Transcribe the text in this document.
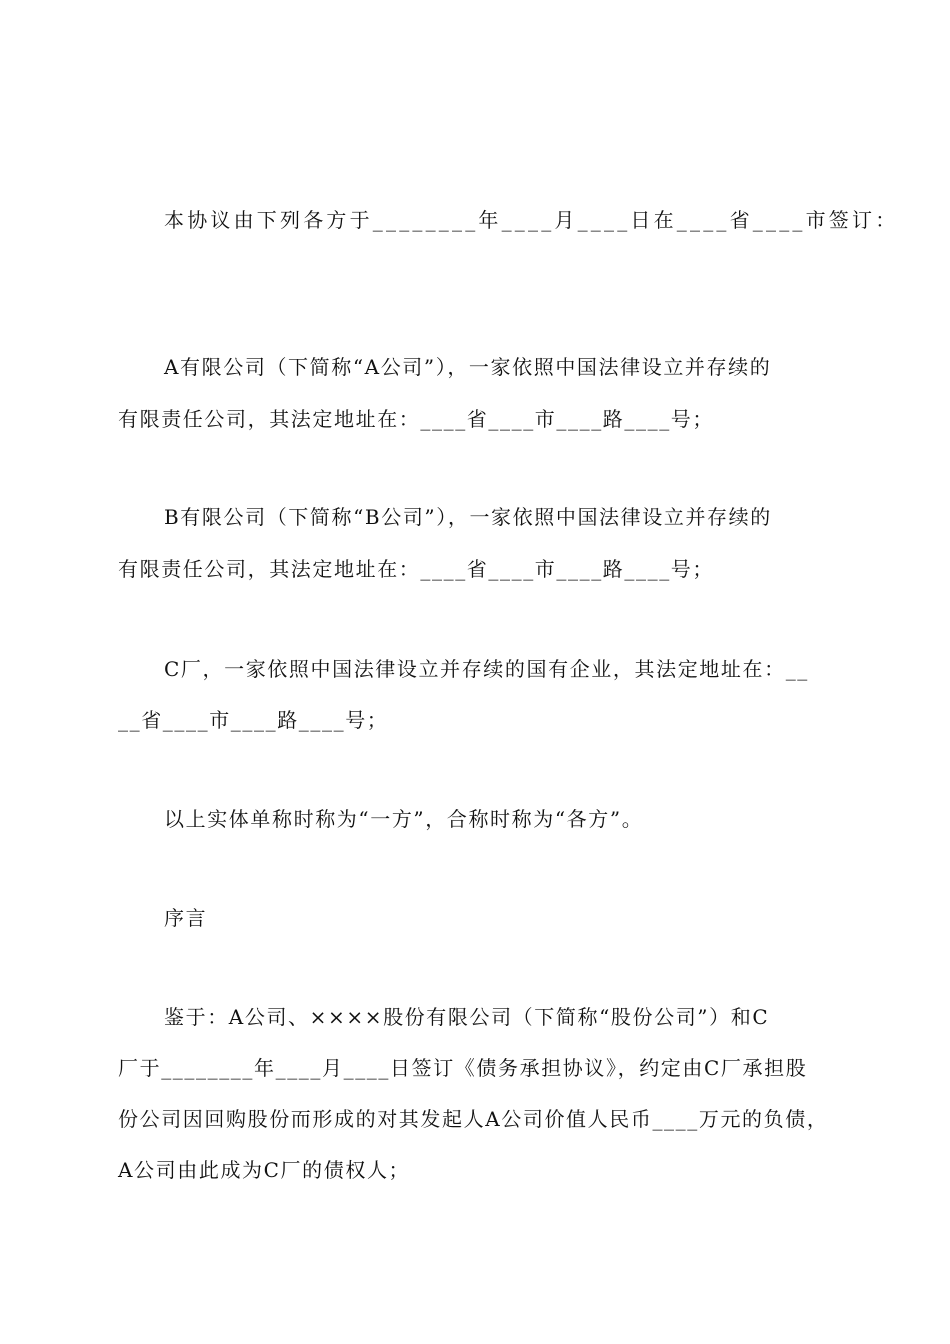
本协议由下列各方于________年____月____日在____省____市签订：
A有限公司（下简称“A公司”），一家依照中国法律设立并存续的
有限责任公司，其法定地址在：____省____市____路____号；
B有限公司（下简称“B公司”），一家依照中国法律设立并存续的
有限责任公司，其法定地址在：____省____市____路____号；
C厂，一家依照中国法律设立并存续的国有企业，其法定地址在：__
__省____市____路____号；
以上实体单称时称为“一方”，合称时称为“各方”。
序言
鉴于：A公司、××××股份有限公司（下简称“股份公司”）和C
厂于________年____月____日签订《债务承担协议》，约定由C厂承担股
份公司因回购股份而形成的对其发起人A公司价值人民币____万元的负债，
A公司由此成为C厂的债权人；
